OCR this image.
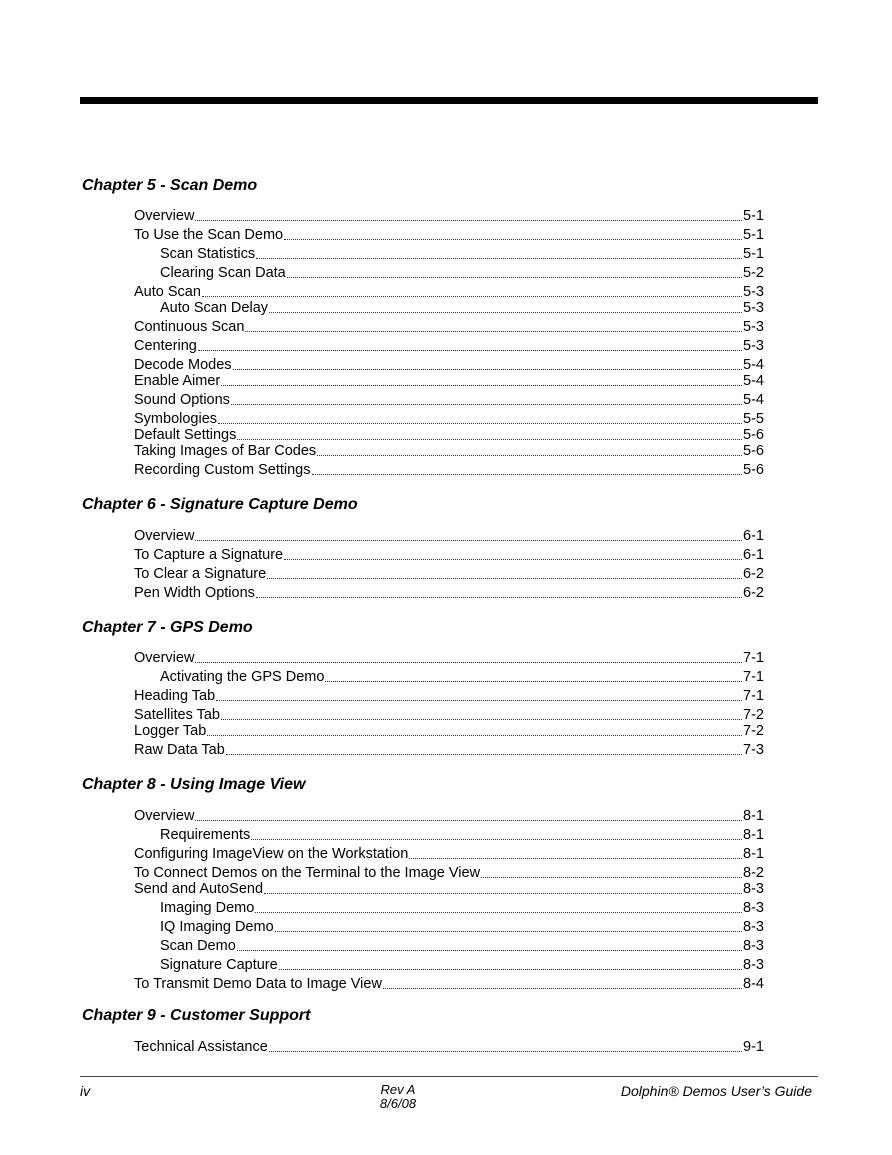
Chapter 5 - Scan Demo
Overview	5-1
To Use the Scan Demo	5-1
Scan Statistics	5-1
Clearing Scan Data	5-2
Auto Scan	5-3
Auto Scan Delay	5-3
Continuous Scan	5-3
Centering	5-3
Decode Modes	5-4
Enable Aimer	5-4
Sound Options	5-4
Symbologies	5-5
Default Settings	5-6
Taking Images of Bar Codes	5-6
Recording Custom Settings	5-6
Chapter 6 - Signature Capture Demo
Overview	6-1
To Capture a Signature	6-1
To Clear a Signature	6-2
Pen Width Options	6-2
Chapter 7 - GPS Demo
Overview	7-1
Activating the GPS Demo	7-1
Heading Tab	7-1
Satellites Tab	7-2
Logger Tab	7-2
Raw Data Tab	7-3
Chapter 8 - Using Image View
Overview	8-1
Requirements	8-1
Configuring ImageView on the Workstation	8-1
To Connect Demos on the Terminal to the Image View	8-2
Send and AutoSend	8-3
Imaging Demo	8-3
IQ Imaging Demo	8-3
Scan Demo	8-3
Signature Capture	8-3
To Transmit Demo Data to Image View	8-4
Chapter 9 - Customer Support
Technical Assistance	9-1
iv	Rev A
8/6/08
Dolphin® Demos User’s Guide
